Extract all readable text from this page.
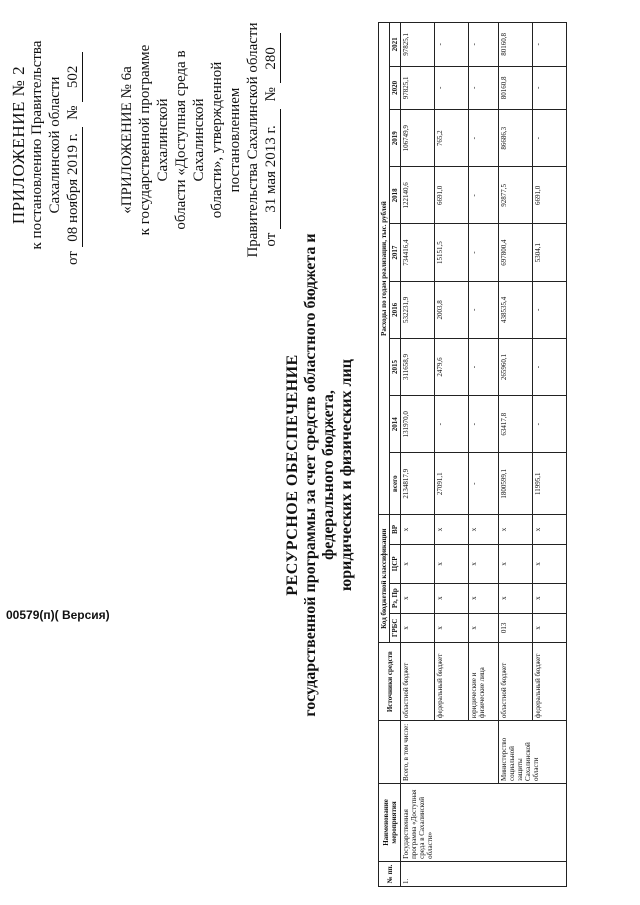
ПРИЛОЖЕНИЕ № 2 к постановлению Правительства Сахалинской области
от 08 ноября 2019 г.  № 502	«ПРИЛОЖЕНИЕ № 6а к государственной программе Сахалинской области «Доступная среда в Сахалинской области», утвержденной постановлением Правительства Сахалинской области от 31 мая 2013 г.  № 280
РЕСУРСНОЕ ОБЕСПЕЧЕНИЕ государственной программы за счет средств областного бюджета и федерального бюджета, юридических и физических лиц
№ пп.	Наименование мероприятия		Источники средств	Код бюджетной классификации				Расходы по годам реализации, тыс. рублей								
				ГРБС	Рз, Пр	ЦСР	ВР	всего	2014	2015	2016	2017	2018	2019	2020	2021
1.	Государственная программа «Доступная среда в Сахалинской области»	Всего, в том числе:	областной бюджет	х	х	х	х	2134817,9	131970,0	311658,9	532231,9	734416,4	122140,6	106749,9	97825,1	97825,1
			федеральный бюджет	х	х	х	х	27091,1	-	2479,6	2003,8	15151,5	6691,0	765,2	-	-
			юридические и физические лица	х	х	х	х	-	-	-	-	-	-	-	-	-
		Министерство социальной защиты Сахалинской области	областной бюджет	013	х	х	х	1800599,1	63417,8	265960,1	438535,4	697800,4	92877,5	86686,3	80160,8	80160,8
			федеральный бюджет	х	х	х	х	11995,1	-	-	-	5304,1	6691,0	-	-	-
00579(п)( Версия)
